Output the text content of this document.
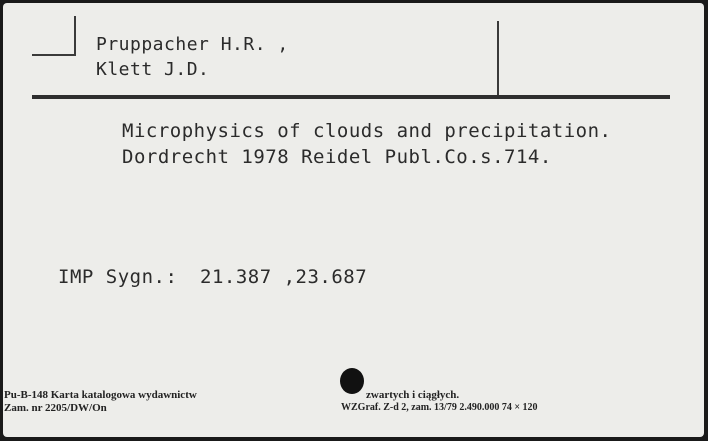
Pruppacher H.R. ,
Klett J.D.
Microphysics of clouds and precipitation.
Dordrecht 1978 Reidel Publ.Co.s.714.
IMP Sygn.: 21.387 ,23.687
Pu-B-148 Karta katalogowa wydawnictw	zwartych i ciągłych.
Zam. nr 2205/DW/On	WZGraf. Z-d 2, zam. 13/79 2.490.000 74 × 120
